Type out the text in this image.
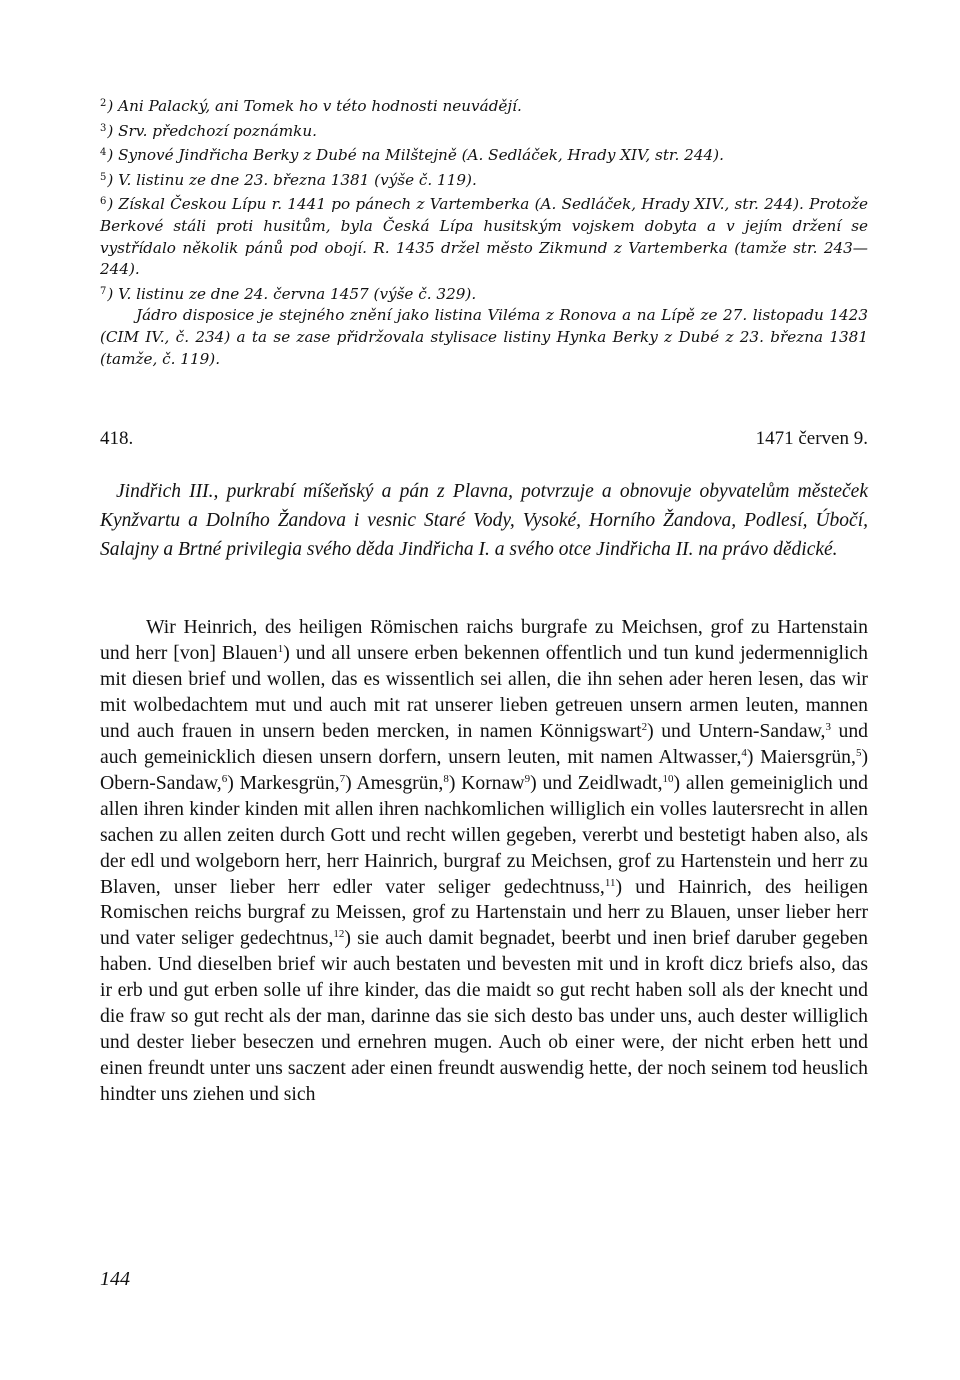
$^2$) Ani Palacký, ani Tomek ho v této hodnosti neuvádějí.

$^3$) Srv. předchozí poznámku.

$^4$) Synové Jindřicha Berky z Dubé na Milštejně (A. Sedláček, Hrady XIV, str. 244).

$^5$) V. listinu ze dne 23. března 1381 (výše č. 119).

$^6$) Získal Českou Lípu r. 1441 po pánech z Vartemberka (A. Sedláček, Hrady XIV., str. 244). Protože Berkové stáli proti husitům, byla Česká Lípa husitským vojskem dobyta a v jejím držení se vystřídalo několik pánů pod obojí. R. 1435 držel město Zikmund z Vartemberka (tamže str. 243—244).

$^7$) V. listinu ze dne 24. června 1457 (výše č. 329).

Jádro disposice je stejného znění jako listina Viléma z Ronova a na Lípě ze 27. listopadu 1423 (CIM IV., č. 234) a ta se zase přidržovala stylisace listiny Hynka Berky z Dubé z 23. března 1381 (tamže, č. 119).

418.	1471 červen 9.

Jindřich III., purkrabí míšeňský a pán z Plavna, potvrzuje a obnovuje obyvatelům městeček Kynžvartu a Dolního Žandova i vesnic Staré Vody, Vysoké, Horního Žandova, Podlesí, Úbočí, Salajny a Brtné privilegia svého děda Jindřicha I. a svého otce Jindřicha II. na právo dědické.

Wir Heinrich, des heiligen Römischen raichs burgrafe zu Meichsen, grof zu Hartenstain und herr [von] Blauen$^1$) und all unsere erben bekennen offentlich und tun kund jedermenniglich mit diesen brief und wollen, das es wissentlich sei allen, die ihn sehen ader heren lesen, das wir mit wolbedachtem mut und auch mit rat unserer lieben getreuen unsern armen leuten, mannen und auch frauen in unsern beden mercken, in namen Könnigswart$^2$) und Untern-Sandaw,$^3$ und auch gemeinicklich diesen unsern dorfern, unsern leuten, mit namen Altwasser,$^4$) Maiersgrün,$^5$) Obern-Sandaw,$^6$) Markesgrün,$^7$) Amesgrün,$^8$) Kornaw$^9$) und Zeidlwadt,$^{10}$) allen gemeiniglich und allen ihren kinder kinden mit allen ihren nachkomlichen williglich ein volles lautersrecht in allen sachen zu allen zeiten durch Gott und recht willen gegeben, vererbt und bestetigt haben also, als der edl und wolgeborn herr, herr Hainrich, burgraf zu Meichsen, grof zu Hartenstein und herr zu Blaven, unser lieber herr edler vater seliger gedechtnuss,$^{11}$) und Hainrich, des heiligen Romischen reichs burgraf zu Meissen, grof zu Hartenstain und herr zu Blauen, unser lieber herr und vater seliger gedechtnus,$^{12}$) sie auch damit begnadet, beerbt und inen brief daruber gegeben haben. Und dieselben brief wir auch bestaten und bevesten mit und in kroft dicz briefs also, das ir erb und gut erben solle uf ihre kinder, das die maidt so gut recht haben soll als der knecht und die fraw so gut recht als der man, darinne das sie sich desto bas under uns, auch dester williglich und dester lieber beseczen und ernehren mugen. Auch ob einer were, der nicht erben hett und einen freundt unter uns saczent ader einen freundt auswendig hette, der noch seinem tod heuslich hindter uns ziehen und sich

144
